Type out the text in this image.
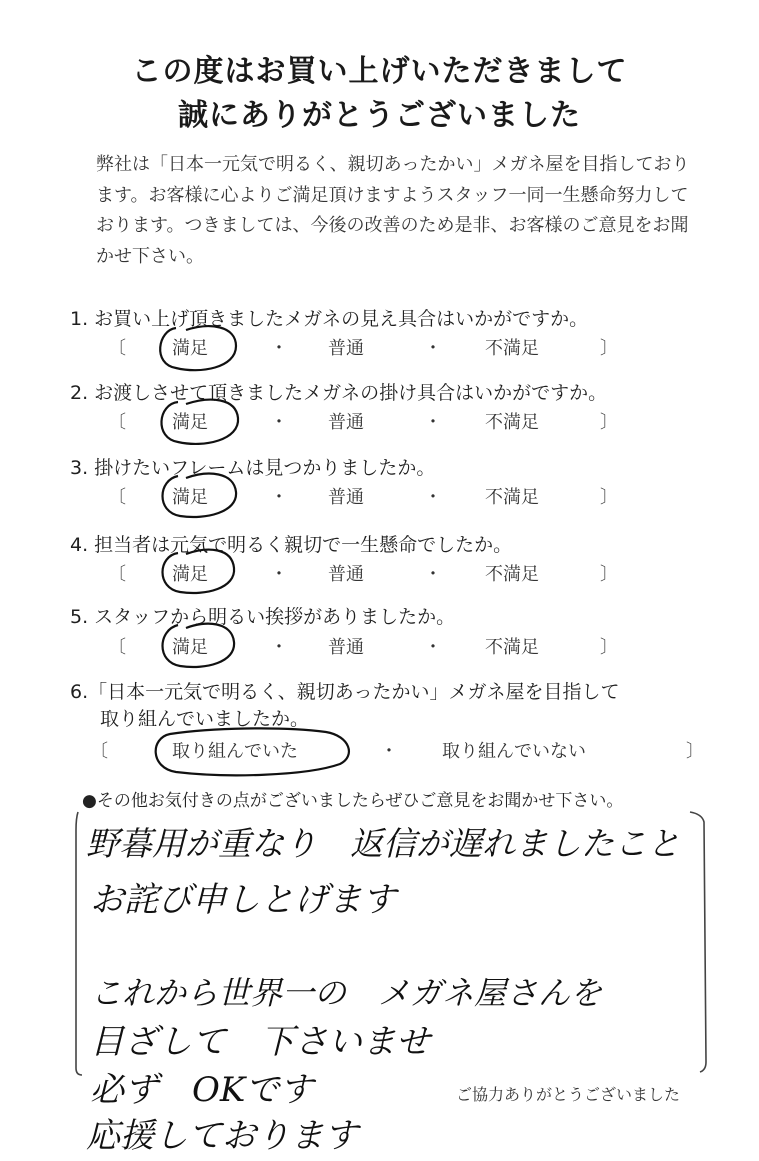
この度はお買い上げいただきまして
誠にありがとうございました
弊社は「日本一元気で明るく、親切あったかい」メガネ屋を目指しております。お客様に心よりご満足頂けますようスタッフ一同一生懸命努力しております。つきましては、今後の改善のため是非、お客様のご意見をお聞かせ下さい。
1. お買い上げ頂きましたメガネの見え具合はいかがですか。
〔	満足	・ 普通	・ 不満足	〕
2. お渡しさせて頂きましたメガネの掛け具合はいかがですか。
〔	満足	・ 普通	・ 不満足	〕
3. 掛けたいフレームは見つかりましたか。
〔	満足	・ 普通	・ 不満足	〕
4. 担当者は元気で明るく親切で一生懸命でしたか。
〔	満足	・ 普通	・ 不満足	〕
5. スタッフから明るい挨拶がありましたか。
〔	満足	・ 普通	・ 不満足	〕
6.「日本一元気で明るく、親切あったかい」メガネ屋を目指して
取り組んでいましたか。
〔	取り組んでいた	・ 取り組んでいない	〕
●その他お気付きの点がございましたらぜひご意見をお聞かせ下さい。
野暮用が重なり　返信が遅れましたこと
お詫び申しとげます
これから世界一の　メガネ屋さんを
目ざして　下さいませ
必ず　OKです
応援しております
ご協力ありがとうございました
